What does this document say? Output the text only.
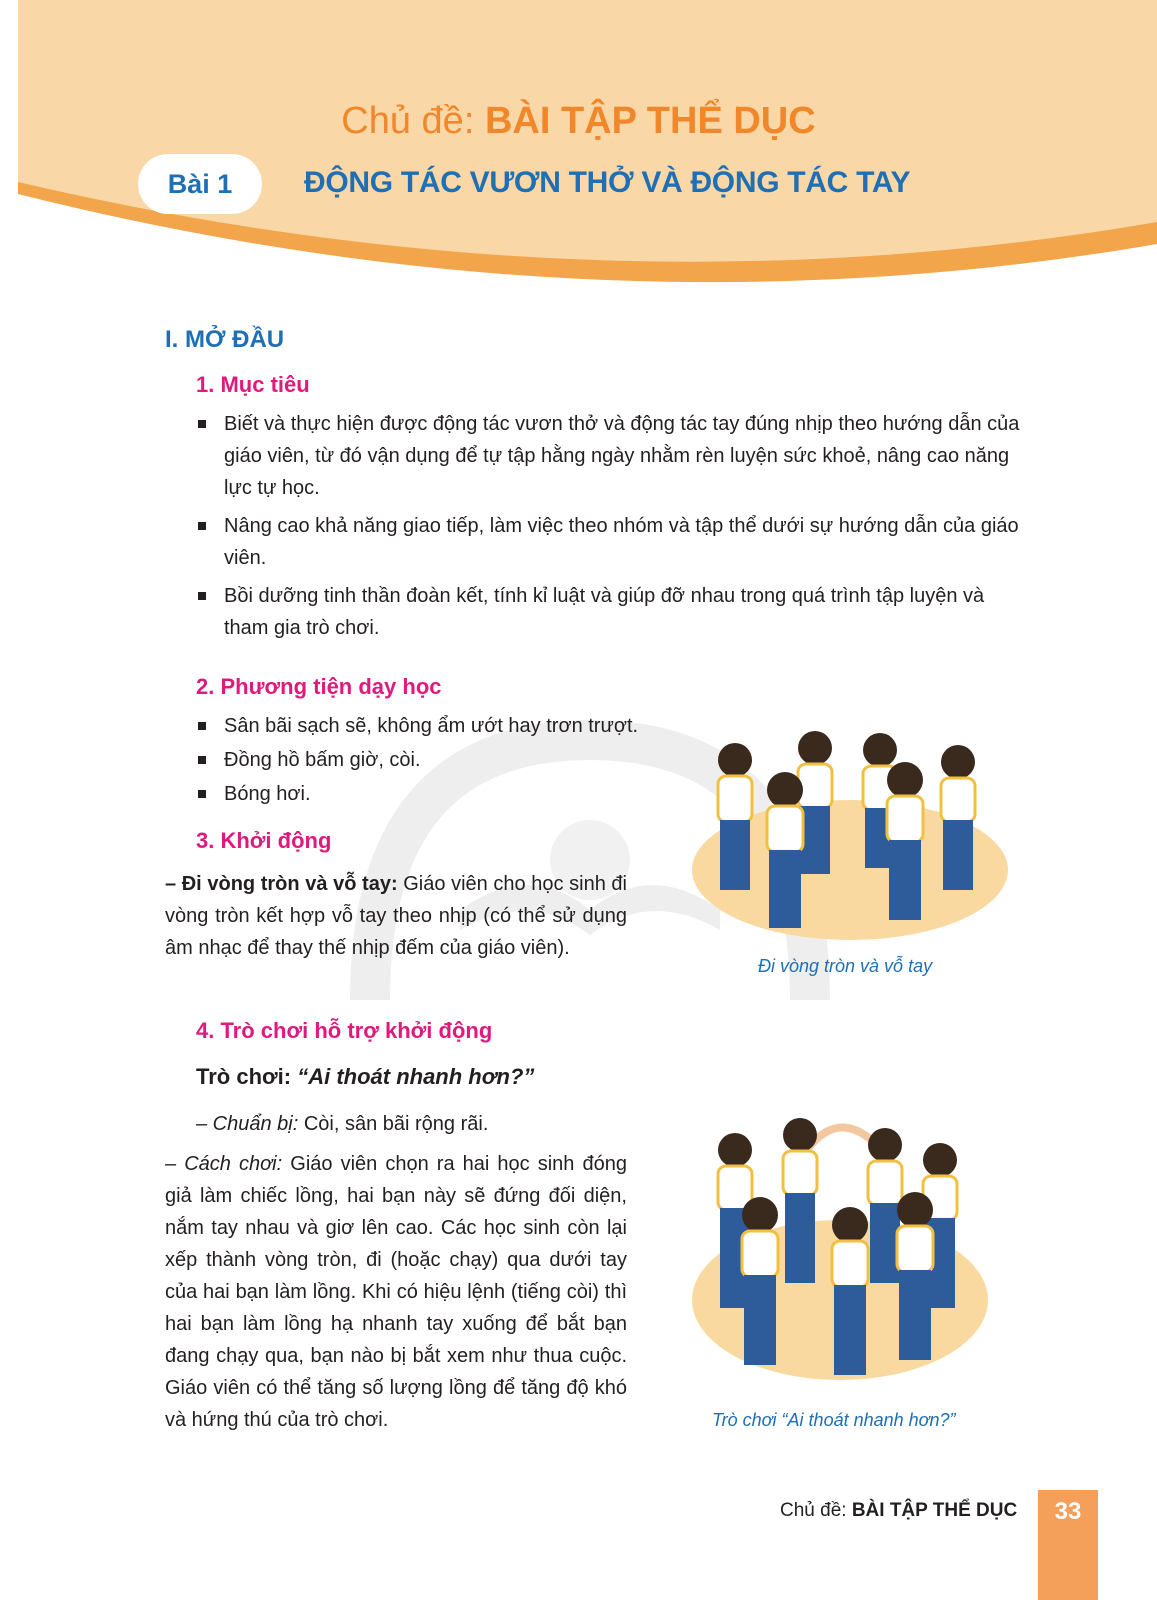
Chủ đề: BÀI TẬP THỂ DỤC
Bài 1	ĐỘNG TÁC VƯƠN THỞ VÀ ĐỘNG TÁC TAY
I. MỞ ĐẦU
1. Mục tiêu
Biết và thực hiện được động tác vươn thở và động tác tay đúng nhịp theo hướng dẫn của giáo viên, từ đó vận dụng để tự tập hằng ngày nhằm rèn luyện sức khoẻ, nâng cao năng lực tự học.
Nâng cao khả năng giao tiếp, làm việc theo nhóm và tập thể dưới sự hướng dẫn của giáo viên.
Bồi dưỡng tinh thần đoàn kết, tính kỉ luật và giúp đỡ nhau trong quá trình tập luyện và tham gia trò chơi.
2. Phương tiện dạy học
Sân bãi sạch sẽ, không ẩm ướt hay trơn trượt.
Đồng hồ bấm giờ, còi.
Bóng hơi.
3. Khởi động
– Đi vòng tròn và vỗ tay: Giáo viên cho học sinh đi vòng tròn kết hợp vỗ tay theo nhịp (có thể sử dụng âm nhạc để thay thế nhịp đếm của giáo viên).
Đi vòng tròn và vỗ tay
4. Trò chơi hỗ trợ khởi động
Trò chơi: “Ai thoát nhanh hơn?”
– Chuẩn bị: Còi, sân bãi rộng rãi.
– Cách chơi: Giáo viên chọn ra hai học sinh đóng giả làm chiếc lồng, hai bạn này sẽ đứng đối diện, nắm tay nhau và giơ lên cao. Các học sinh còn lại xếp thành vòng tròn, đi (hoặc chạy) qua dưới tay của hai bạn làm lồng. Khi có hiệu lệnh (tiếng còi) thì hai bạn làm lồng hạ nhanh tay xuống để bắt bạn đang chạy qua, bạn nào bị bắt xem như thua cuộc. Giáo viên có thể tăng số lượng lồng để tăng độ khó và hứng thú của trò chơi.	Trò chơi “Ai thoát nhanh hơn?”
Chủ đề: BÀI TẬP THỂ DỤC	33
